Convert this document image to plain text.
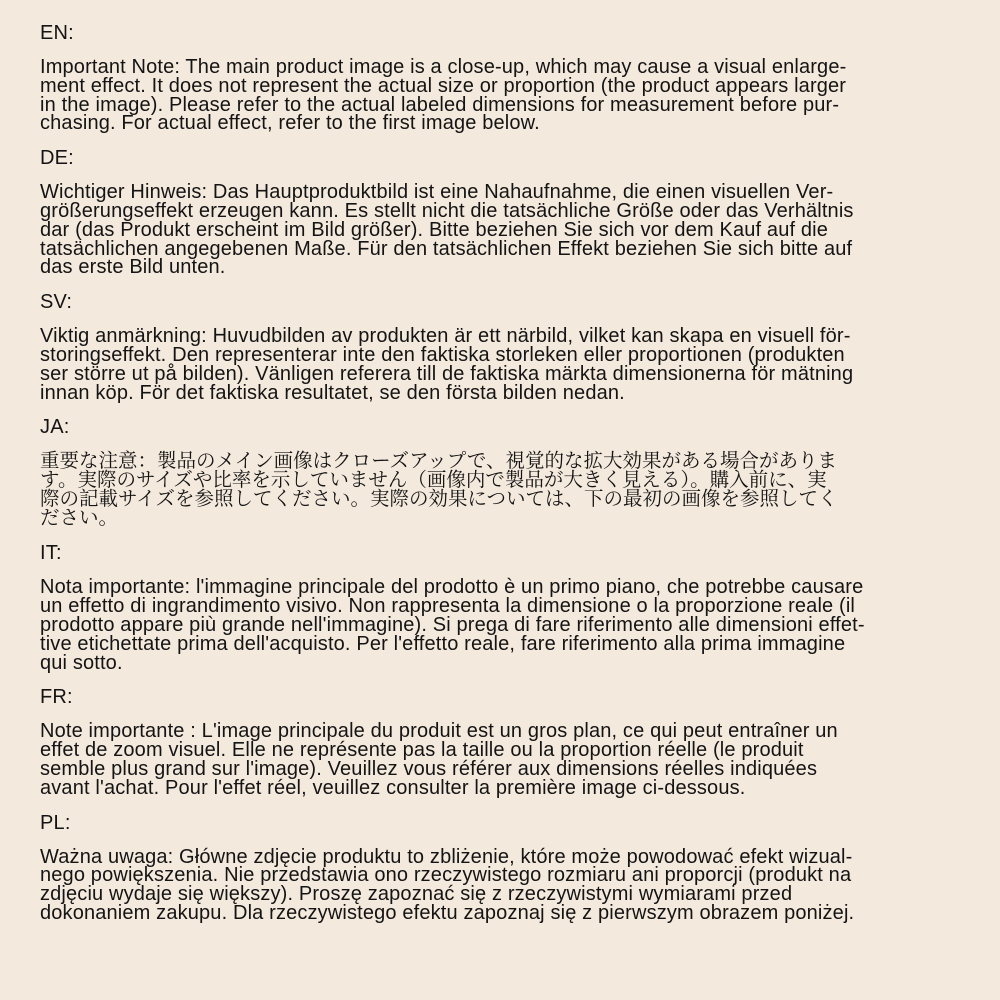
EN:
Important Note: The main product image is a close-up, which may cause a visual enlarge-
ment effect. It does not represent the actual size or proportion (the product appears larger
in the image). Please refer to the actual labeled dimensions for measurement before pur-
chasing. For actual effect, refer to the first image below.
DE:
Wichtiger Hinweis: Das Hauptproduktbild ist eine Nahaufnahme, die einen visuellen Ver-
größerungseffekt erzeugen kann. Es stellt nicht die tatsächliche Größe oder das Verhältnis
dar (das Produkt erscheint im Bild größer). Bitte beziehen Sie sich vor dem Kauf auf die
tatsächlichen angegebenen Maße. Für den tatsächlichen Effekt beziehen Sie sich bitte auf
das erste Bild unten.
SV:
Viktig anmärkning: Huvudbilden av produkten är ett närbild, vilket kan skapa en visuell för-
storingseffekt. Den representerar inte den faktiska storleken eller proportionen (produkten
ser större ut på bilden). Vänligen referera till de faktiska märkta dimensionerna för mätning
innan köp. För det faktiska resultatet, se den första bilden nedan.
JA:
重要な注意：製品のメイン画像はクローズアップで、視覚的な拡大効果がある場合がありま
す。実際のサイズや比率を示していません（画像内で製品が大きく見える）。購入前に、実
際の記載サイズを参照してください。実際の効果については、下の最初の画像を参照してく
ださい。
IT:
Nota importante: l'immagine principale del prodotto è un primo piano, che potrebbe causare
un effetto di ingrandimento visivo. Non rappresenta la dimensione o la proporzione reale (il
prodotto appare più grande nell'immagine). Si prega di fare riferimento alle dimensioni effet-
tive etichettate prima dell'acquisto. Per l'effetto reale, fare riferimento alla prima immagine
qui sotto.
FR:
Note importante : L'image principale du produit est un gros plan, ce qui peut entraîner un
effet de zoom visuel. Elle ne représente pas la taille ou la proportion réelle (le produit
semble plus grand sur l'image). Veuillez vous référer aux dimensions réelles indiquées
avant l'achat. Pour l'effet réel, veuillez consulter la première image ci-dessous.
PL:
Ważna uwaga: Główne zdjęcie produktu to zbliżenie, które może powodować efekt wizual-
nego powiększenia. Nie przedstawia ono rzeczywistego rozmiaru ani proporcji (produkt na
zdjęciu wydaje się większy). Proszę zapoznać się z rzeczywistymi wymiarami przed
dokonaniem zakupu. Dla rzeczywistego efektu zapoznaj się z pierwszym obrazem poniżej.
